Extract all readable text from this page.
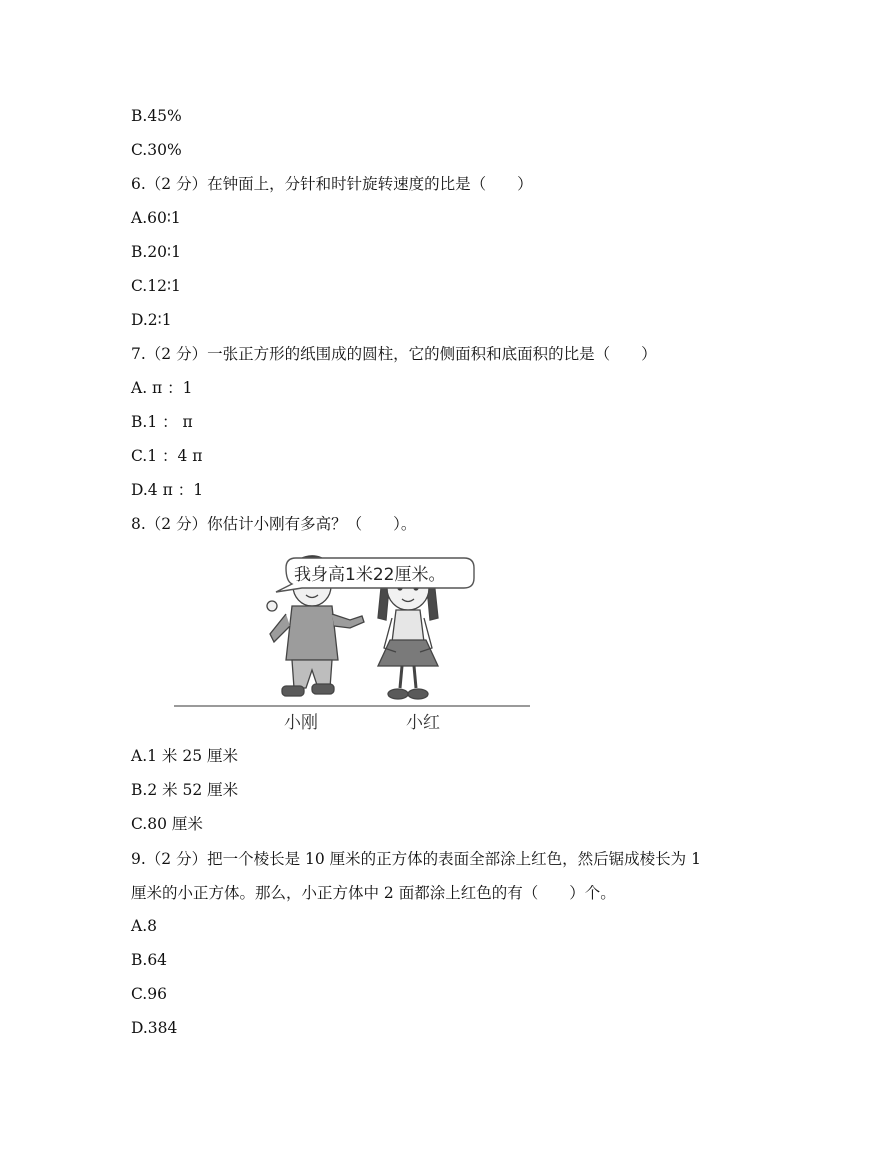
B.45%
C.30%
6.（2 分）在钟面上，分针和时针旋转速度的比是（　　）
A.60∶1
B.20∶1
C.12∶1
D.2∶1
7.（2 分）一张正方形的纸围成的圆柱，它的侧面积和底面积的比是（　　）
A. π ：1
B.1 ： π
C.1 ：4 π
D.4 π ：1
8.（2 分）你估计小刚有多高？（　　）。
我身高1米22厘米。
小刚	小红
A.1 米 25 厘米
B.2 米 52 厘米
C.80 厘米
9.（2 分）把一个棱长是 10 厘米的正方体的表面全部涂上红色，然后锯成棱长为 1
厘米的小正方体。那么，小正方体中 2 面都涂上红色的有（　　）个。
A.8
B.64
C.96
D.384
